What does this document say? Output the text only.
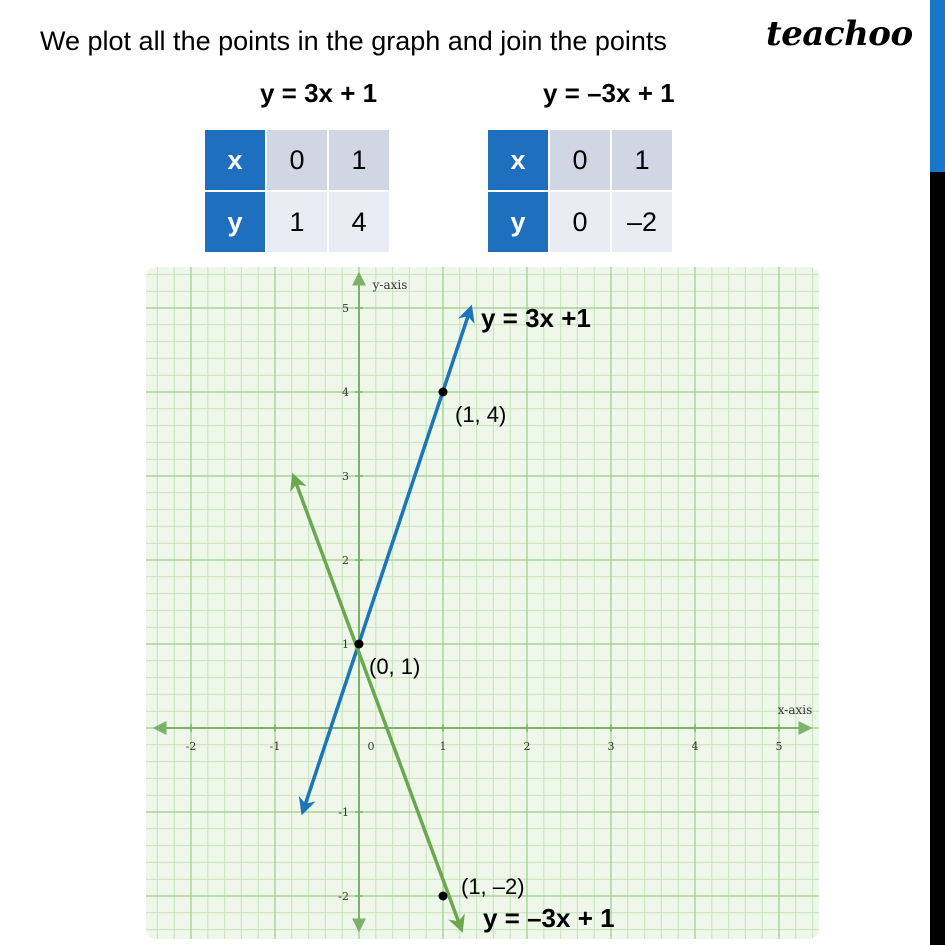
We plot all the points in the graph and join the points	teachoo
y = 3x + 1	y = –3x + 1
x	0	1
y	1	4
x	0	1
y	0	–2
-2	-1	0	1	2	3	4	5
-2
-1
1
2
3
4
5
x-axis
y-axis
(1, 4)
(0, 1)
(1, –2)
y = 3x +1
y = –3x + 1
